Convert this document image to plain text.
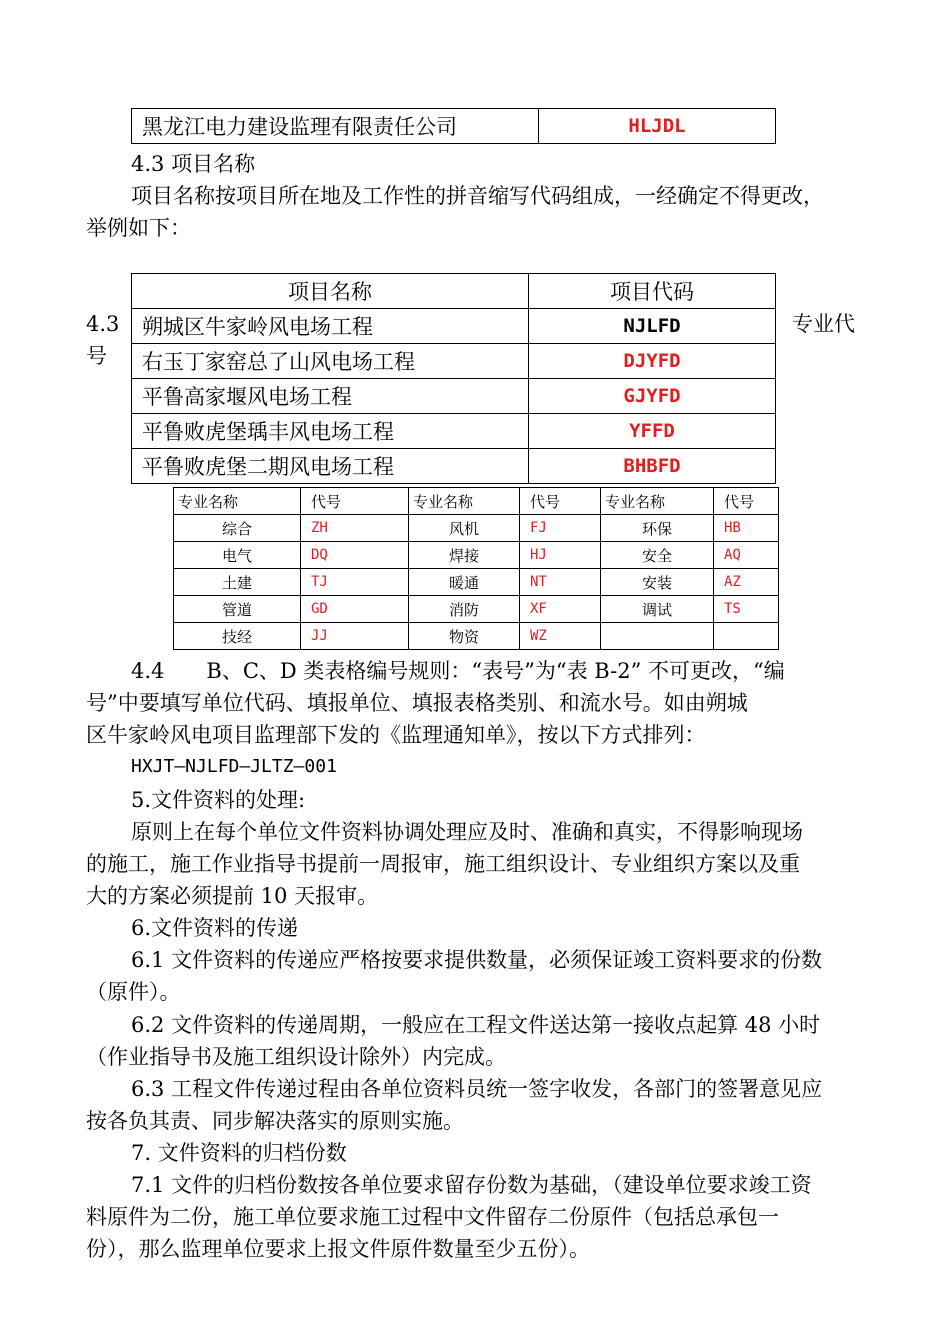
黑龙江电力建设监理有限责任公司	HLJDL
4.3 项目名称
项目名称按项目所在地及工作性的拼音缩写代码组成，一经确定不得更改，
举例如下：
项目名称	项目代码
朔城区牛家岭风电场工程	NJLFD
右玉丁家窑总了山风电场工程	DJYFD
平鲁高家堰风电场工程	GJYFD
平鲁败虎堡瑀丰风电场工程	YFFD
平鲁败虎堡二期风电场工程	BHBFD
4.3
号
专业代
专业名称	代号	专业名称	代号	专业名称	代号
综合	ZH	风机	FJ	环保	HB
电气	DQ	焊接	HJ	安全	AQ
土建	TJ	暖通	NT	安装	AZ
管道	GD	消防	XF	调试	TS
技经	JJ	物资	WZ		
4.4　　B、C、D 类表格编号规则：“表号”为“表 B-2” 不可更改，“编
号”中要填写单位代码、填报单位、填报表格类别、和流水号。如由朔城
区牛家岭风电项目监理部下发的《监理通知单》，按以下方式排列：
HXJT—NJLFD—JLTZ—001
5.文件资料的处理:
原则上在每个单位文件资料协调处理应及时、准确和真实，不得影响现场
的施工，施工作业指导书提前一周报审，施工组织设计、专业组织方案以及重
大的方案必须提前 10 天报审。
6.文件资料的传递
6.1 文件资料的传递应严格按要求提供数量，必须保证竣工资料要求的份数
（原件）。
6.2 文件资料的传递周期，一般应在工程文件送达第一接收点起算 48 小时
（作业指导书及施工组织设计除外）内完成。
6.3 工程文件传递过程由各单位资料员统一签字收发，各部门的签署意见应
按各负其责、同步解决落实的原则实施。
7. 文件资料的归档份数
7.1 文件的归档份数按各单位要求留存份数为基础，（建设单位要求竣工资
料原件为二份，施工单位要求施工过程中文件留存二份原件（包括总承包一
份），那么监理单位要求上报文件原件数量至少五份）。
